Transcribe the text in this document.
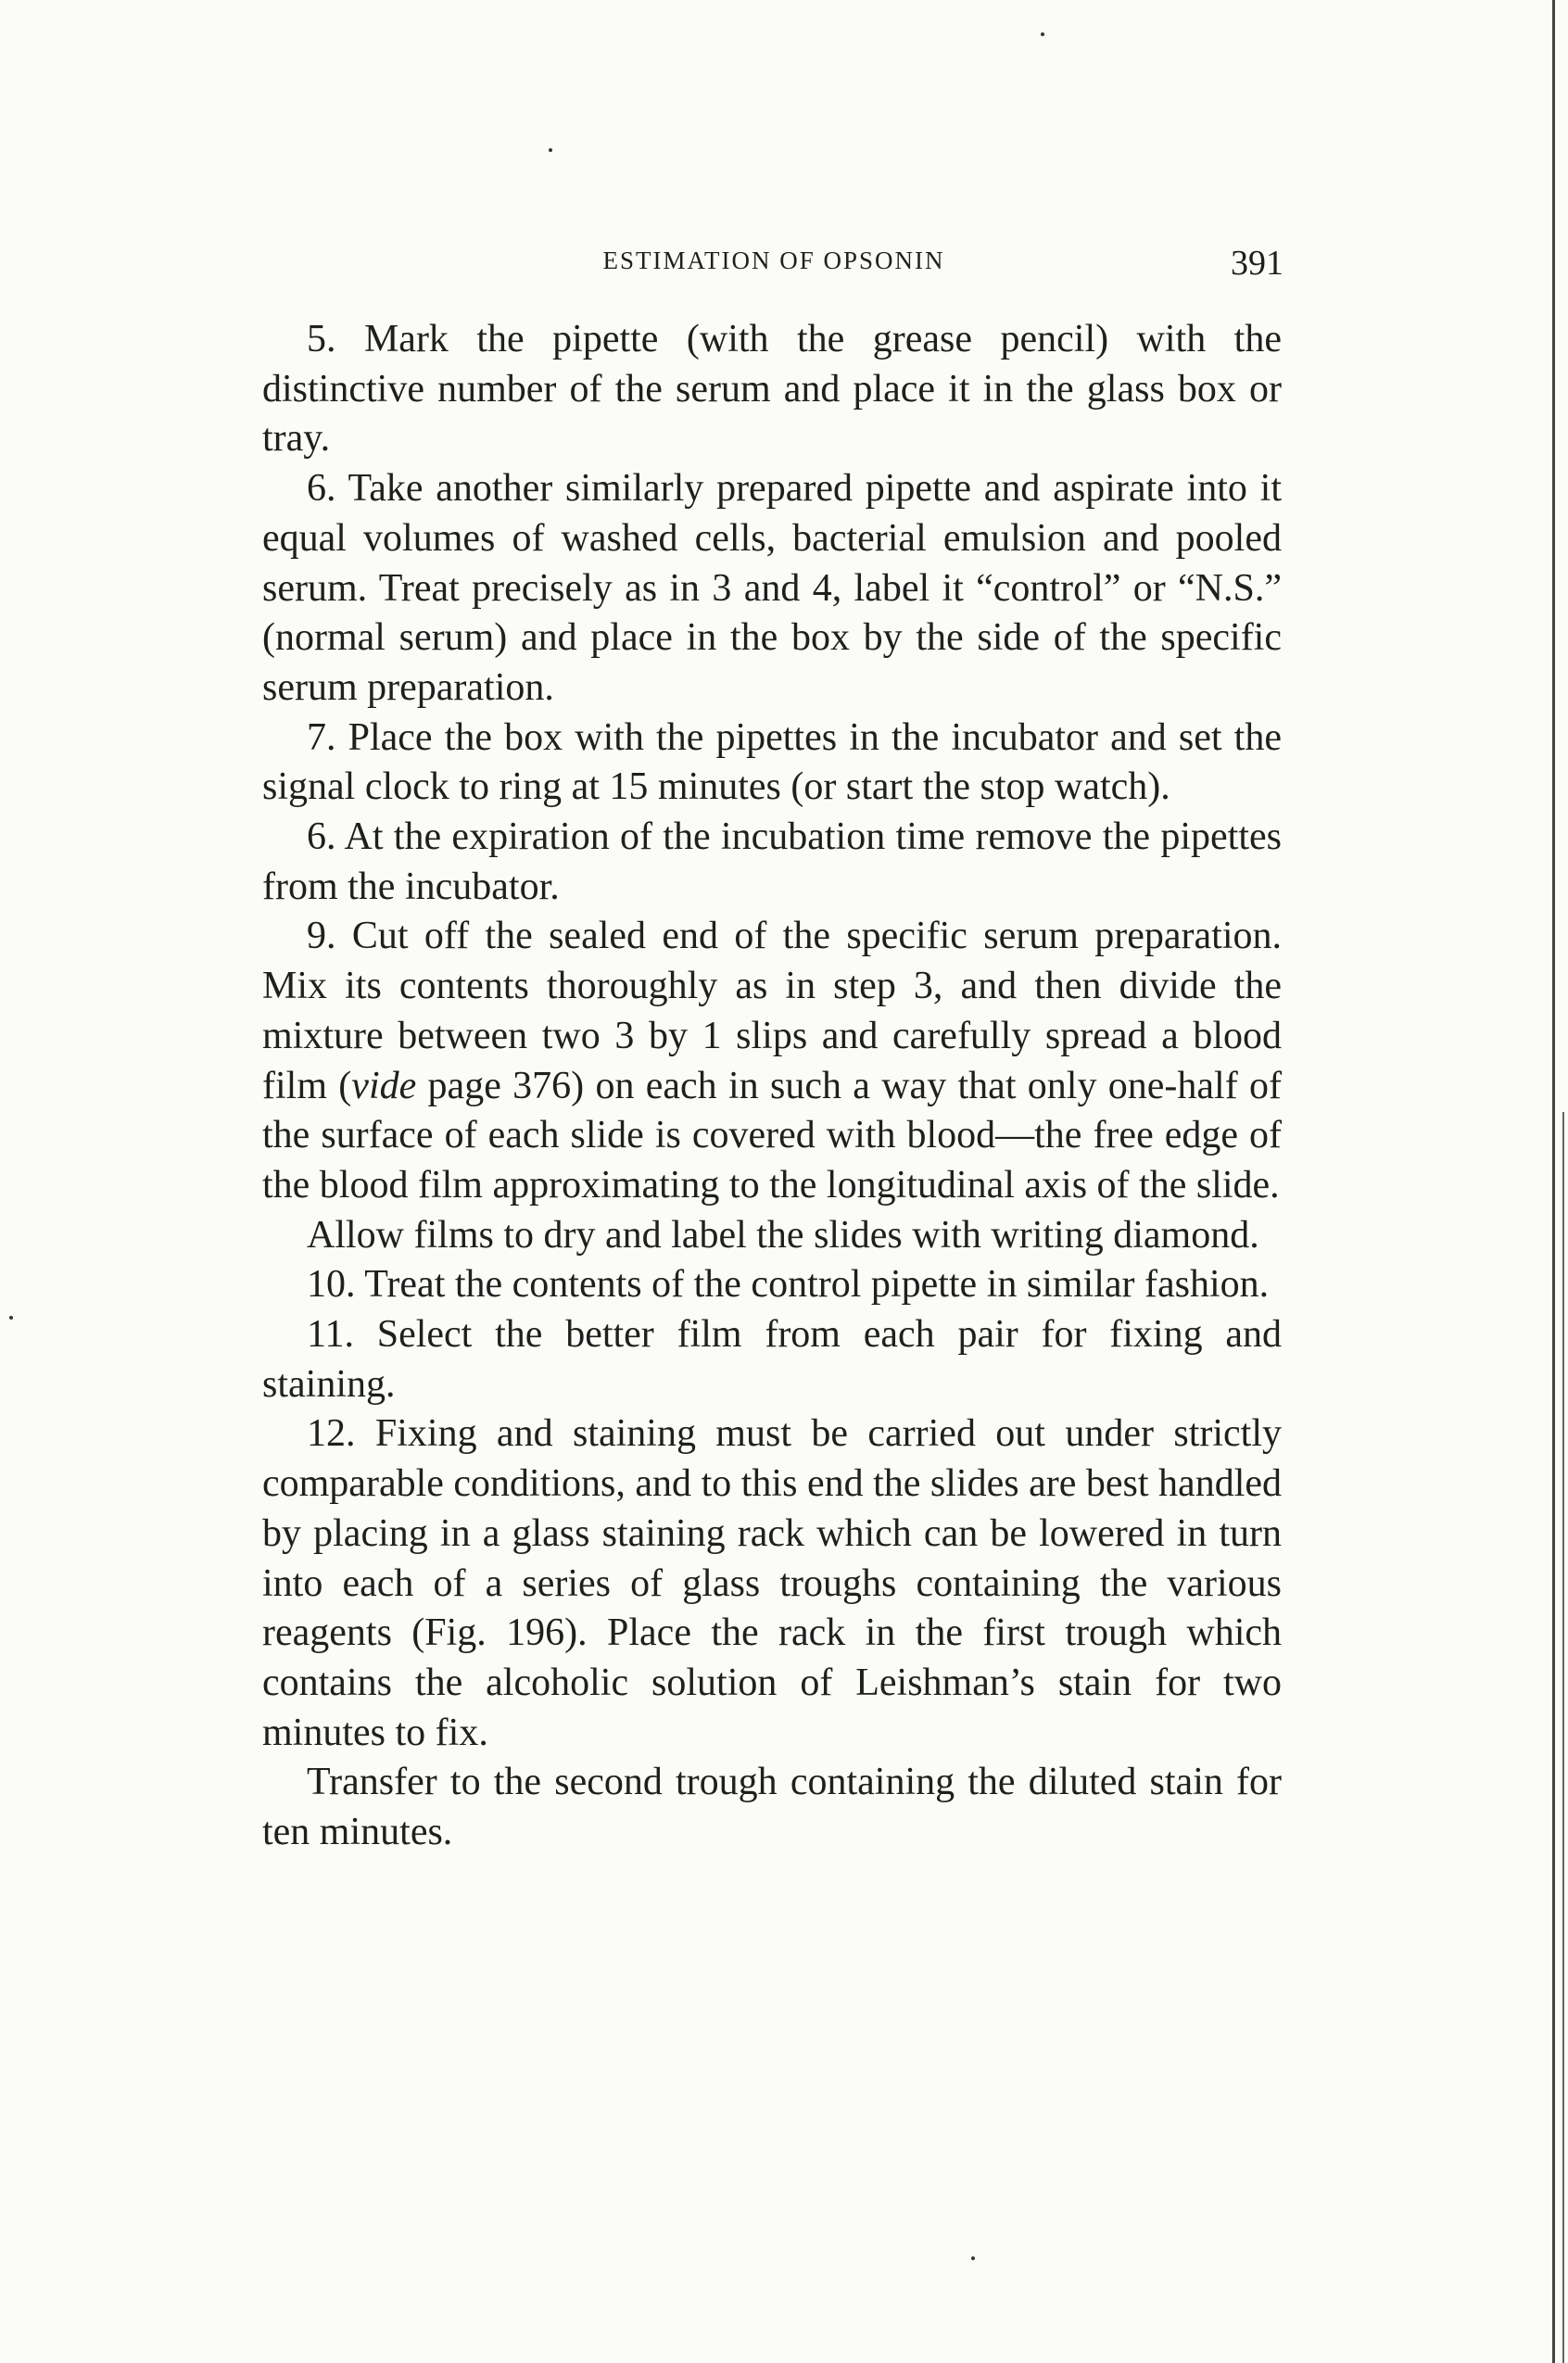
ESTIMATION OF OPSONIN	391

5. Mark the pipette (with the grease pencil) with the distinctive number of the serum and place it in the glass box or tray.

6. Take another similarly prepared pipette and aspirate into it equal volumes of washed cells, bacterial emulsion and pooled serum. Treat precisely as in 3 and 4, label it “control” or “N.S.” (normal serum) and place in the box by the side of the specific serum preparation.

7. Place the box with the pipettes in the incubator and set the signal clock to ring at 15 minutes (or start the stop watch).

6. At the expiration of the incubation time remove the pipettes from the incubator.

9. Cut off the sealed end of the specific serum preparation. Mix its contents thoroughly as in step 3, and then divide the mixture between two 3 by 1 slips and carefully spread a blood film (vide page 376) on each in such a way that only one-half of the surface of each slide is covered with blood—the free edge of the blood film approximating to the longitudinal axis of the slide.

Allow films to dry and label the slides with writing diamond.

10. Treat the contents of the control pipette in similar fashion.

11. Select the better film from each pair for fixing and staining.

12. Fixing and staining must be carried out under strictly comparable conditions, and to this end the slides are best handled by placing in a glass staining rack which can be lowered in turn into each of a series of glass troughs containing the various reagents (Fig. 196). Place the rack in the first trough which contains the alcoholic solution of Leishman’s stain for two minutes to fix.

Transfer to the second trough containing the diluted stain for ten minutes.
